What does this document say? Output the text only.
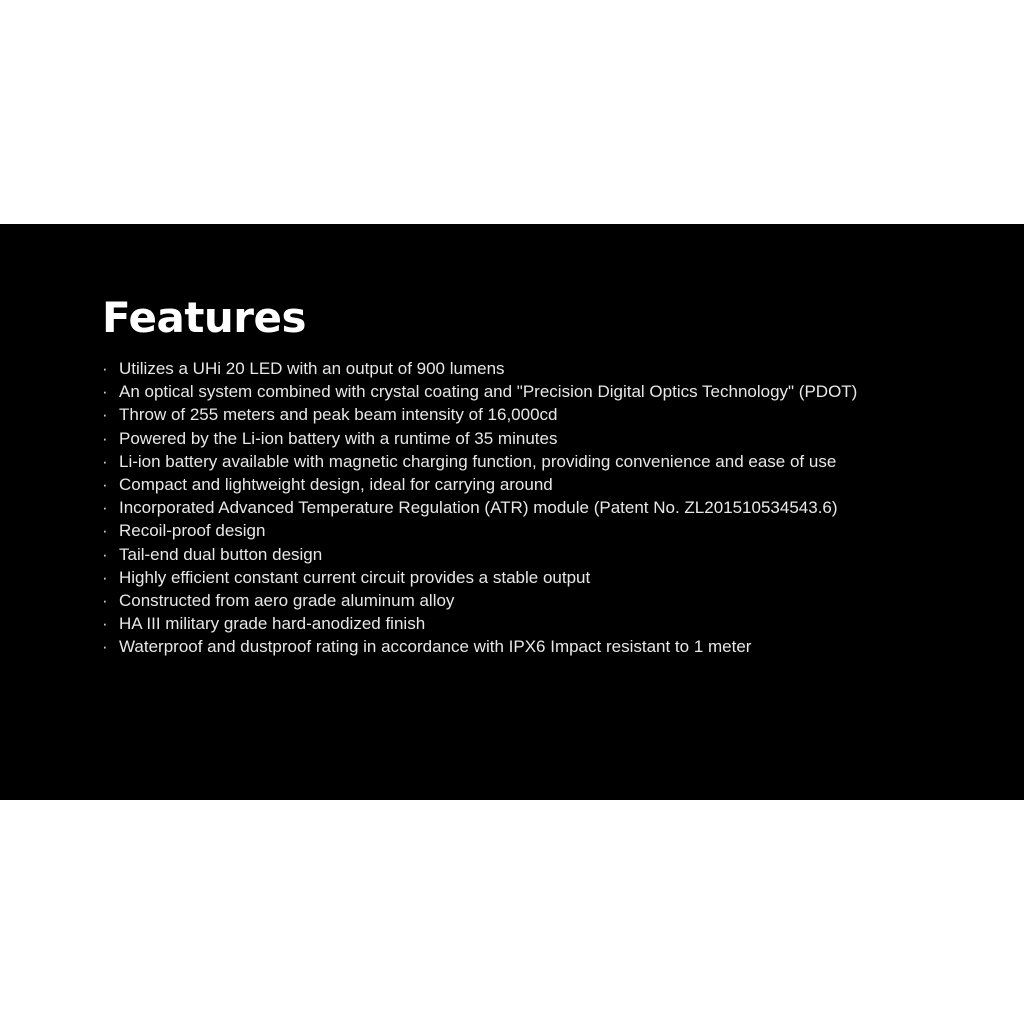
Features
· Utilizes a UHi 20 LED with an output of 900 lumens
· An optical system combined with crystal coating and "Precision Digital Optics Technology" (PDOT)
· Throw of 255 meters and peak beam intensity of 16,000cd
· Powered by the Li-ion battery with a runtime of 35 minutes
· Li-ion battery available with magnetic charging function, providing convenience and ease of use
· Compact and lightweight design, ideal for carrying around
· Incorporated Advanced Temperature Regulation (ATR) module (Patent No. ZL201510534543.6)
· Recoil-proof design
· Tail-end dual button design
· Highly efficient constant current circuit provides a stable output
· Constructed from aero grade aluminum alloy
· HA III military grade hard-anodized finish
· Waterproof and dustproof rating in accordance with IPX6 Impact resistant to 1 meter
